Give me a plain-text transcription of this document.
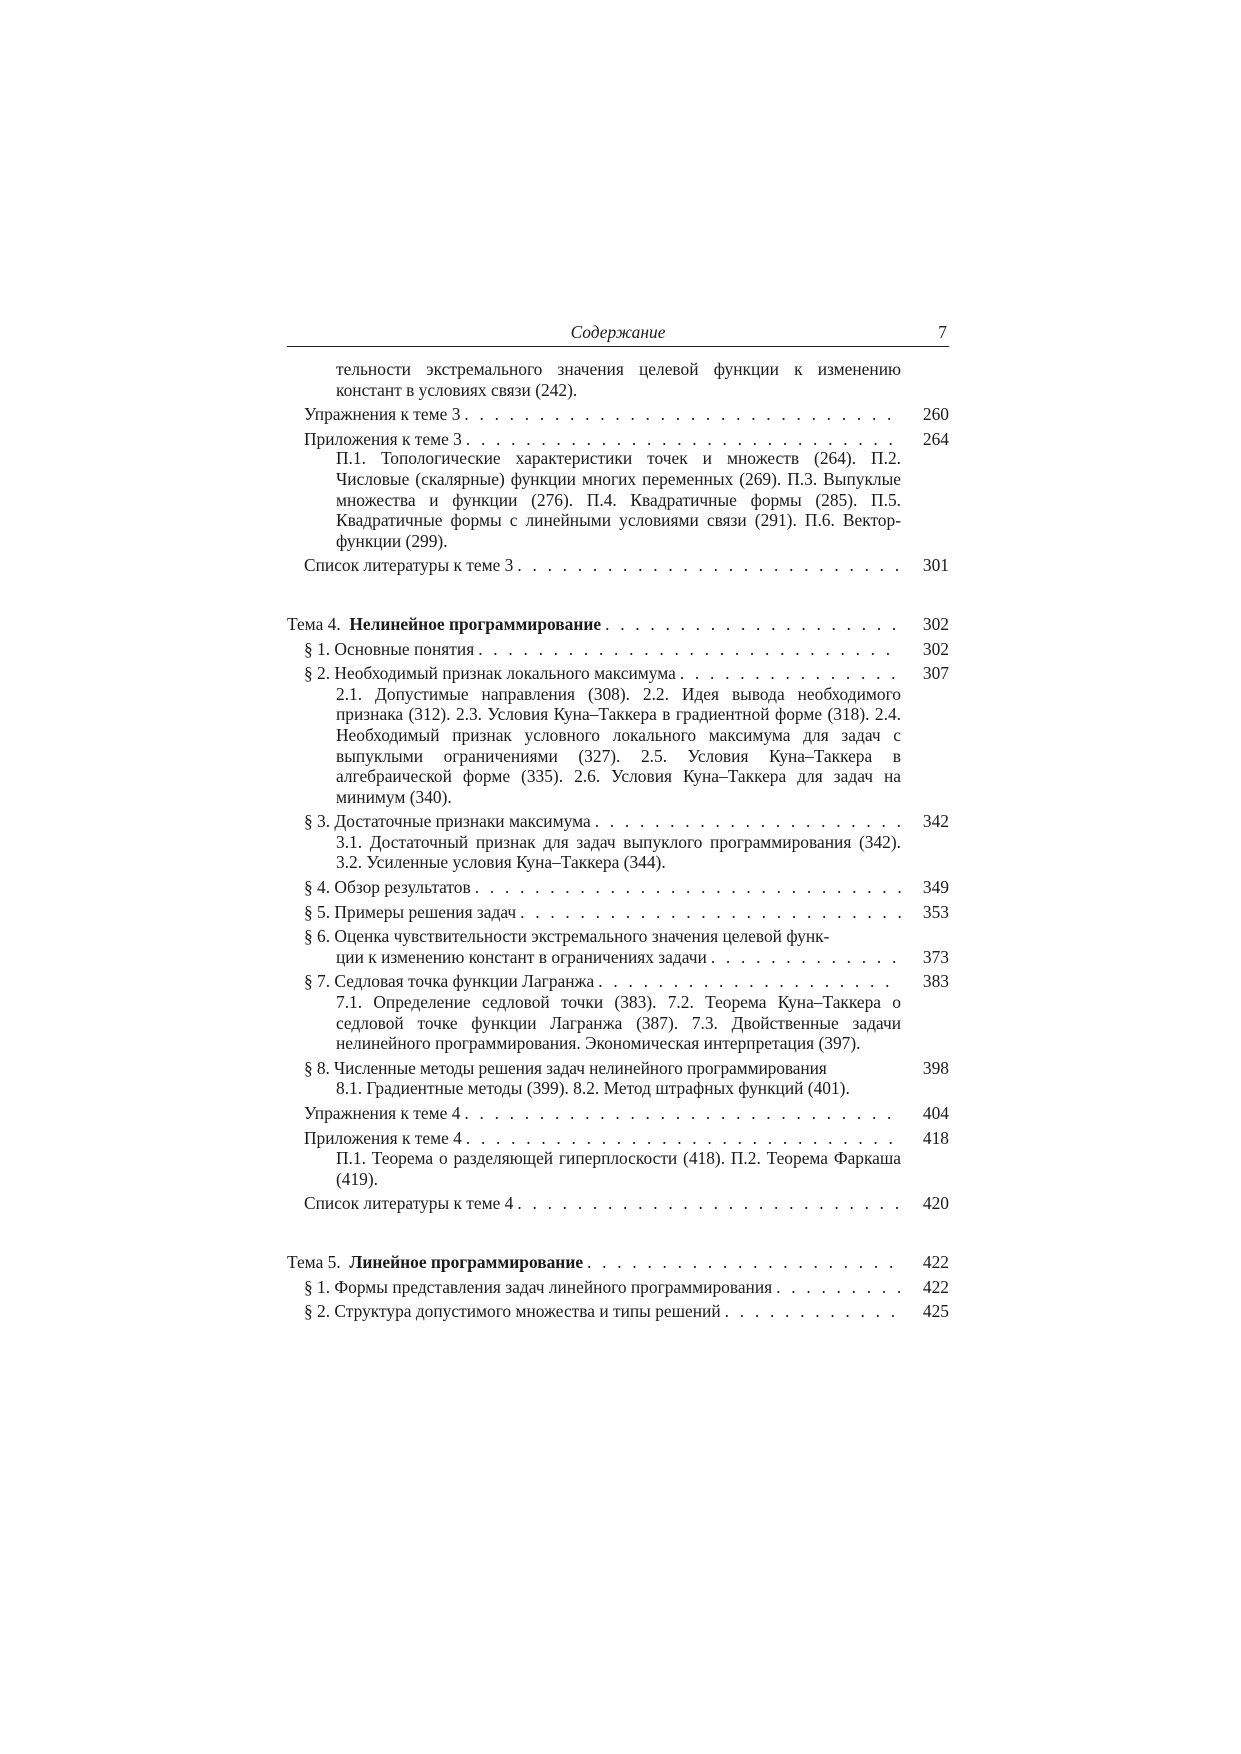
Содержание	7
тельности экстремального значения целевой функции к изменению констант в условиях связи (242).
Упражнения к теме 3 . . .	260
Приложения к теме 3 . . .	264
П.1. Топологические характеристики точек и множеств (264). П.2. Числовые (скалярные) функции многих переменных (269). П.3. Выпуклые множества и функции (276). П.4. Квадратичные формы (285). П.5. Квадратичные формы с линейными условиями связи (291). П.6. Вектор-функции (299).
Список литературы к теме 3 . . .	301
Тема 4. Нелинейное программирование . . .	302
§ 1. Основные понятия . . .	302
§ 2. Необходимый признак локального максимума . . .	307
2.1. Допустимые направления (308). 2.2. Идея вывода необходимого признака (312). 2.3. Условия Куна–Таккера в градиентной форме (318). 2.4. Необходимый признак условного локального максимума для задач с выпуклыми ограничениями (327). 2.5. Условия Куна–Таккера в алгебраической форме (335). 2.6. Условия Куна–Таккера для задач на минимум (340).
§ 3. Достаточные признаки максимума . . .	342
3.1. Достаточный признак для задач выпуклого программирования (342). 3.2. Усиленные условия Куна–Таккера (344).
§ 4. Обзор результатов . . .	349
§ 5. Примеры решения задач . . .	353
§ 6. Оценка чувствительности экстремального значения целевой функ-
ции к изменению констант в ограничениях задачи . . .	373
§ 7. Седловая точка функции Лагранжа . . .	383
7.1. Определение седловой точки (383). 7.2. Теорема Куна–Таккера о седловой точке функции Лагранжа (387). 7.3. Двойственные задачи нелинейного программирования. Экономическая интерпретация (397).
§ 8. Численные методы решения задач нелинейного программирования	398
8.1. Градиентные методы (399). 8.2. Метод штрафных функций (401).
Упражнения к теме 4 . . .	404
Приложения к теме 4 . . .	418
П.1. Теорема о разделяющей гиперплоскости (418). П.2. Теорема Фаркаша (419).
Список литературы к теме 4 . . .	420
Тема 5. Линейное программирование . . .	422
§ 1. Формы представления задач линейного программирования . . .	422
§ 2. Структура допустимого множества и типы решений . . .	425
